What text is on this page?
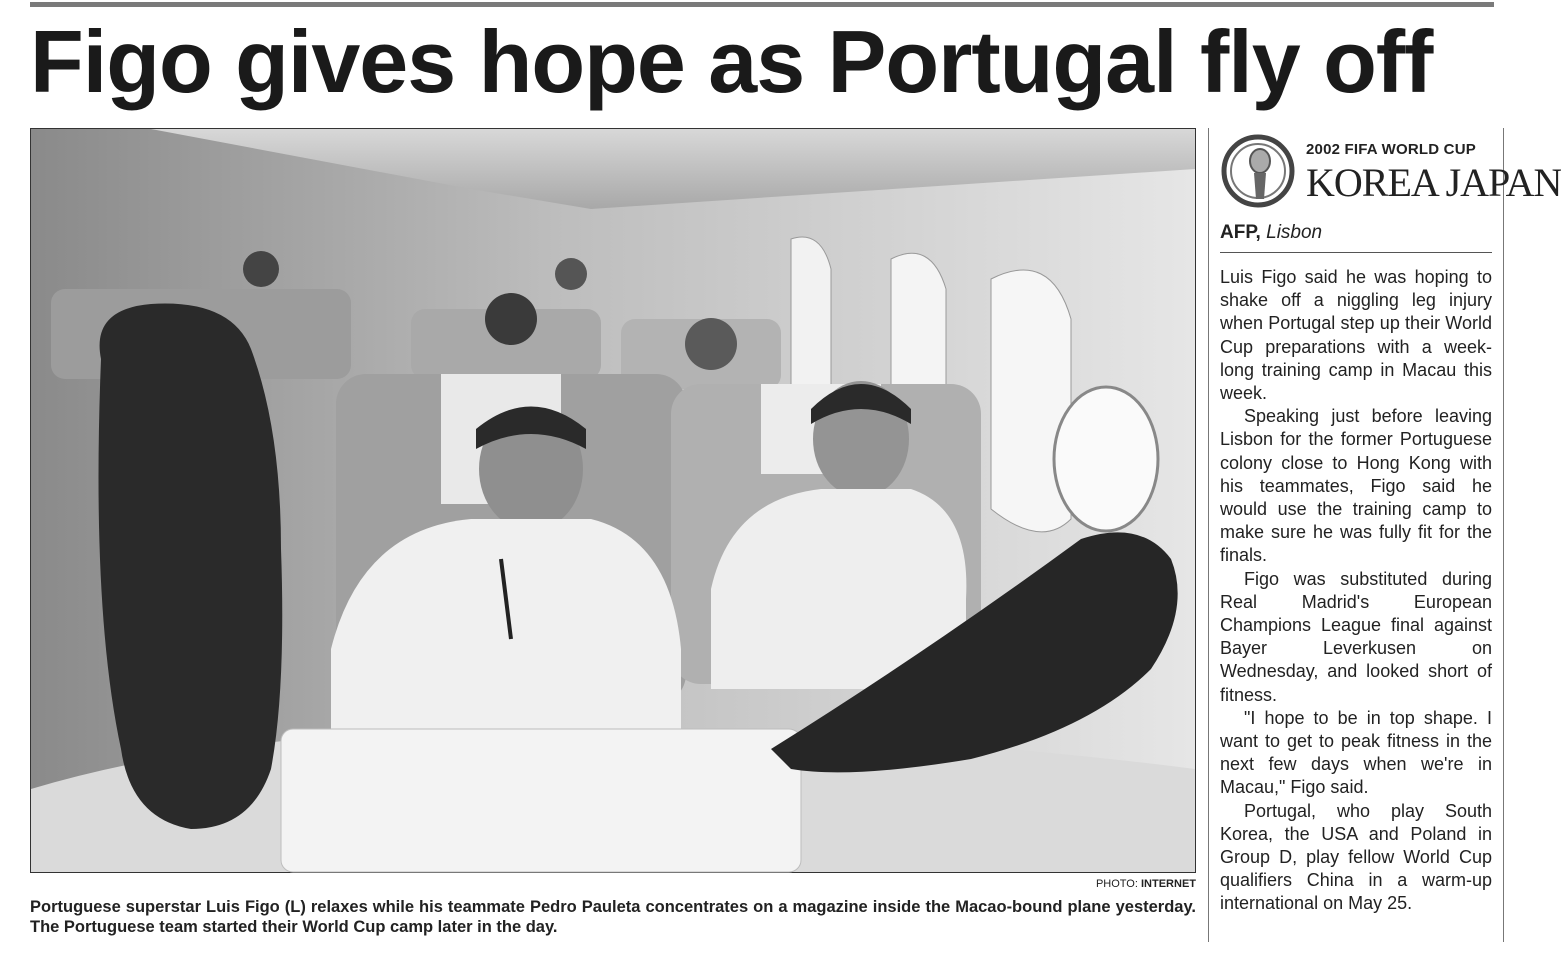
Figo gives hope as Portugal fly off
PHOTO: INTERNET
Portuguese superstar Luis Figo (L) relaxes while his teammate Pedro Pauleta concentrates on a magazine inside the Macao-bound plane yesterday. The Portuguese team started their World Cup camp later in the day.
2002 FIFA WORLD CUP
KOREA JAPAN
AFP, Lisbon

Luis Figo said he was hoping to shake off a niggling leg injury when Portugal step up their World Cup preparations with a week-long training camp in Macau this week.

Speaking just before leaving Lisbon for the former Portuguese colony close to Hong Kong with his teammates, Figo said he would use the training camp to make sure he was fully fit for the finals.

Figo was substituted during Real Madrid's European Champions League final against Bayer Leverkusen on Wednesday, and looked short of fitness.

"I hope to be in top shape. I want to get to peak fitness in the next few days when we're in Macau," Figo said.

Portugal, who play South Korea, the USA and Poland in Group D, play fellow World Cup qualifiers China in a warm-up international on May 25.
